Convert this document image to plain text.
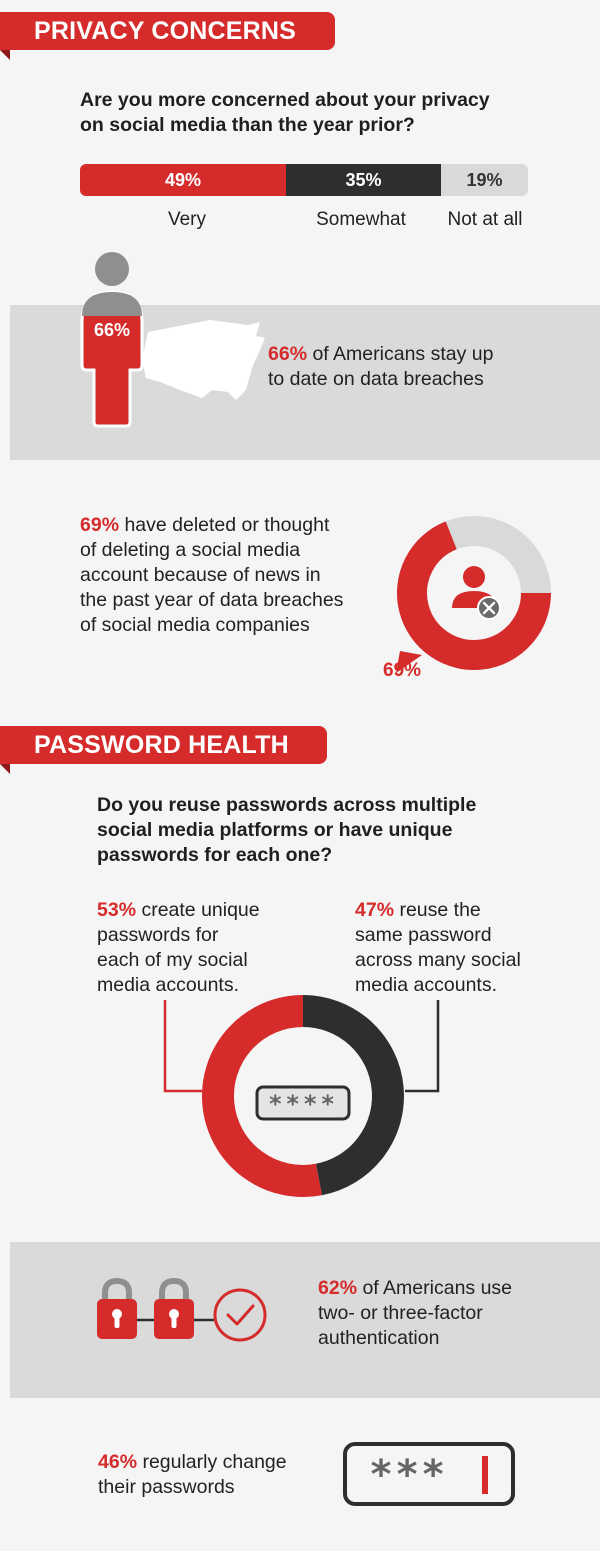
PRIVACY CONCERNS
Are you more concerned about your privacy
on social media than the year prior?
49%	35%	19%
Very	Somewhat	Not at all
66%
66% of Americans stay up
to date on data breaches
69% have deleted or thought
of deleting a social media
account because of news in
the past year of data breaches
of social media companies
69%
PASSWORD HEALTH
Do you reuse passwords across multiple
social media platforms or have unique
passwords for each one?
53% create unique
passwords for
each of my social
media accounts.
47% reuse the
same password
across many social
media accounts.
****
62% of Americans use
two- or three-factor
authentication
46% regularly change
their passwords	***
